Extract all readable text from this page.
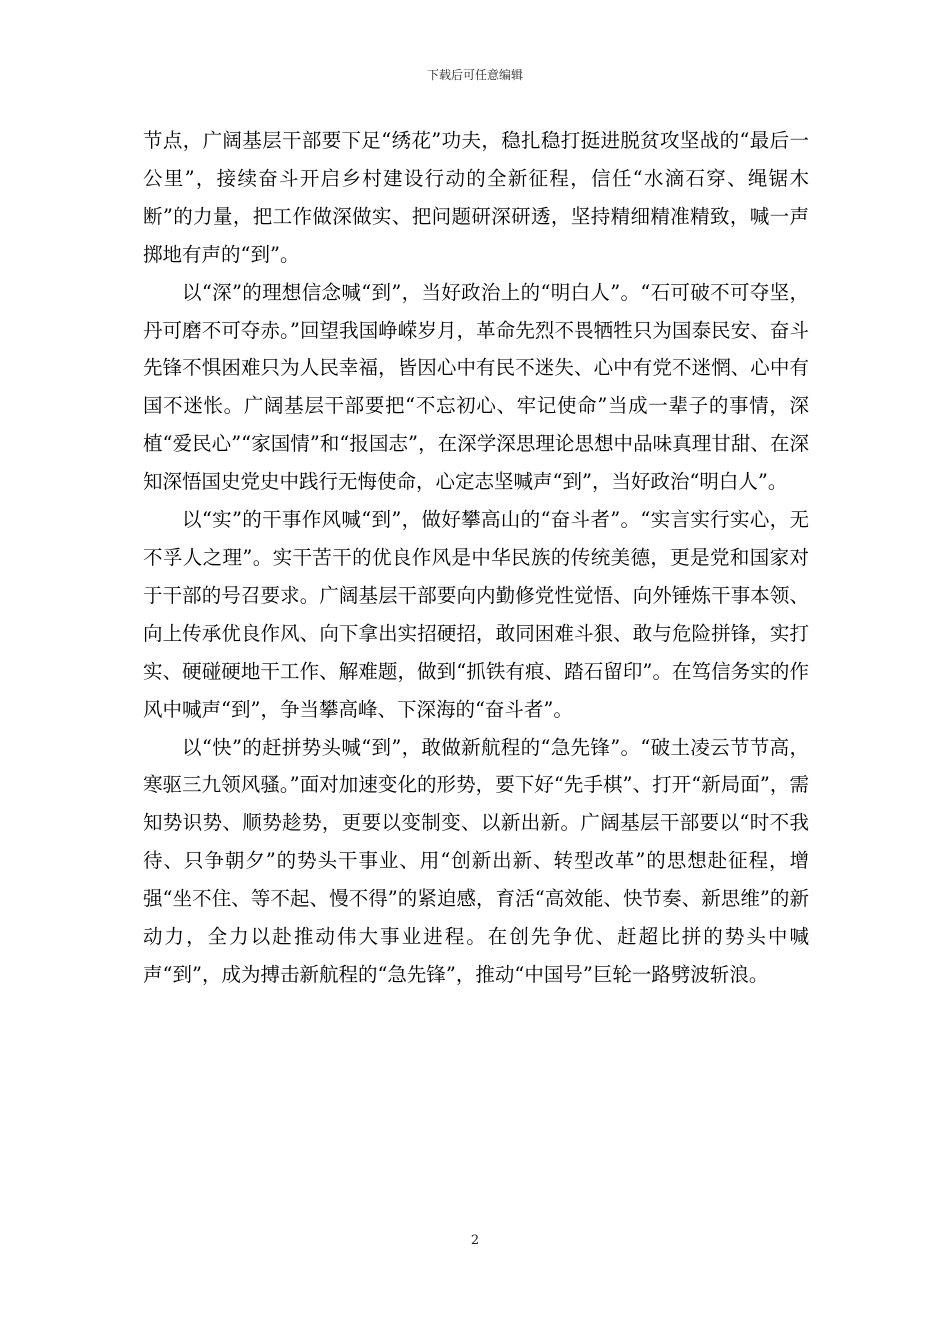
下载后可任意编辑

节点，广阔基层干部要下足“绣花”功夫，稳扎稳打挺进脱贫攻坚战的“最后一公里”，接续奋斗开启乡村建设行动的全新征程，信任“水滴石穿、绳锯木断”的力量，把工作做深做实、把问题研深研透，坚持精细精准精致，喊一声掷地有声的“到”。

以“深”的理想信念喊“到”，当好政治上的“明白人”。“石可破不可夺坚，丹可磨不可夺赤。”回望我国峥嵘岁月，革命先烈不畏牺牲只为国泰民安、奋斗先锋不惧困难只为人民幸福，皆因心中有民不迷失、心中有党不迷惘、心中有国不迷怅。广阔基层干部要把“不忘初心、牢记使命”当成一辈子的事情，深植“爱民心”“家国情”和“报国志”，在深学深思理论思想中品味真理甘甜、在深知深悟国史党史中践行无悔使命，心定志坚喊声“到”，当好政治“明白人”。

以“实”的干事作风喊“到”，做好攀高山的“奋斗者”。“实言实行实心，无不孚人之理”。实干苦干的优良作风是中华民族的传统美德，更是党和国家对于干部的号召要求。广阔基层干部要向内勤修党性觉悟、向外锤炼干事本领、向上传承优良作风、向下拿出实招硬招，敢同困难斗狠、敢与危险拼锋，实打实、硬碰硬地干工作、解难题，做到“抓铁有痕、踏石留印”。在笃信务实的作风中喊声“到”，争当攀高峰、下深海的“奋斗者”。

以“快”的赶拼势头喊“到”，敢做新航程的“急先锋”。“破土凌云节节高，寒驱三九领风骚。”面对加速变化的形势，要下好“先手棋”、打开“新局面”，需知势识势、顺势趁势，更要以变制变、以新出新。广阔基层干部要以“时不我待、只争朝夕”的势头干事业、用“创新出新、转型改革”的思想赴征程，增强“坐不住、等不起、慢不得”的紧迫感，育活“高效能、快节奏、新思维”的新动力，全力以赴推动伟大事业进程。在创先争优、赶超比拼的势头中喊声“到”，成为搏击新航程的“急先锋”，推动“中国号”巨轮一路劈波斩浪。

2
